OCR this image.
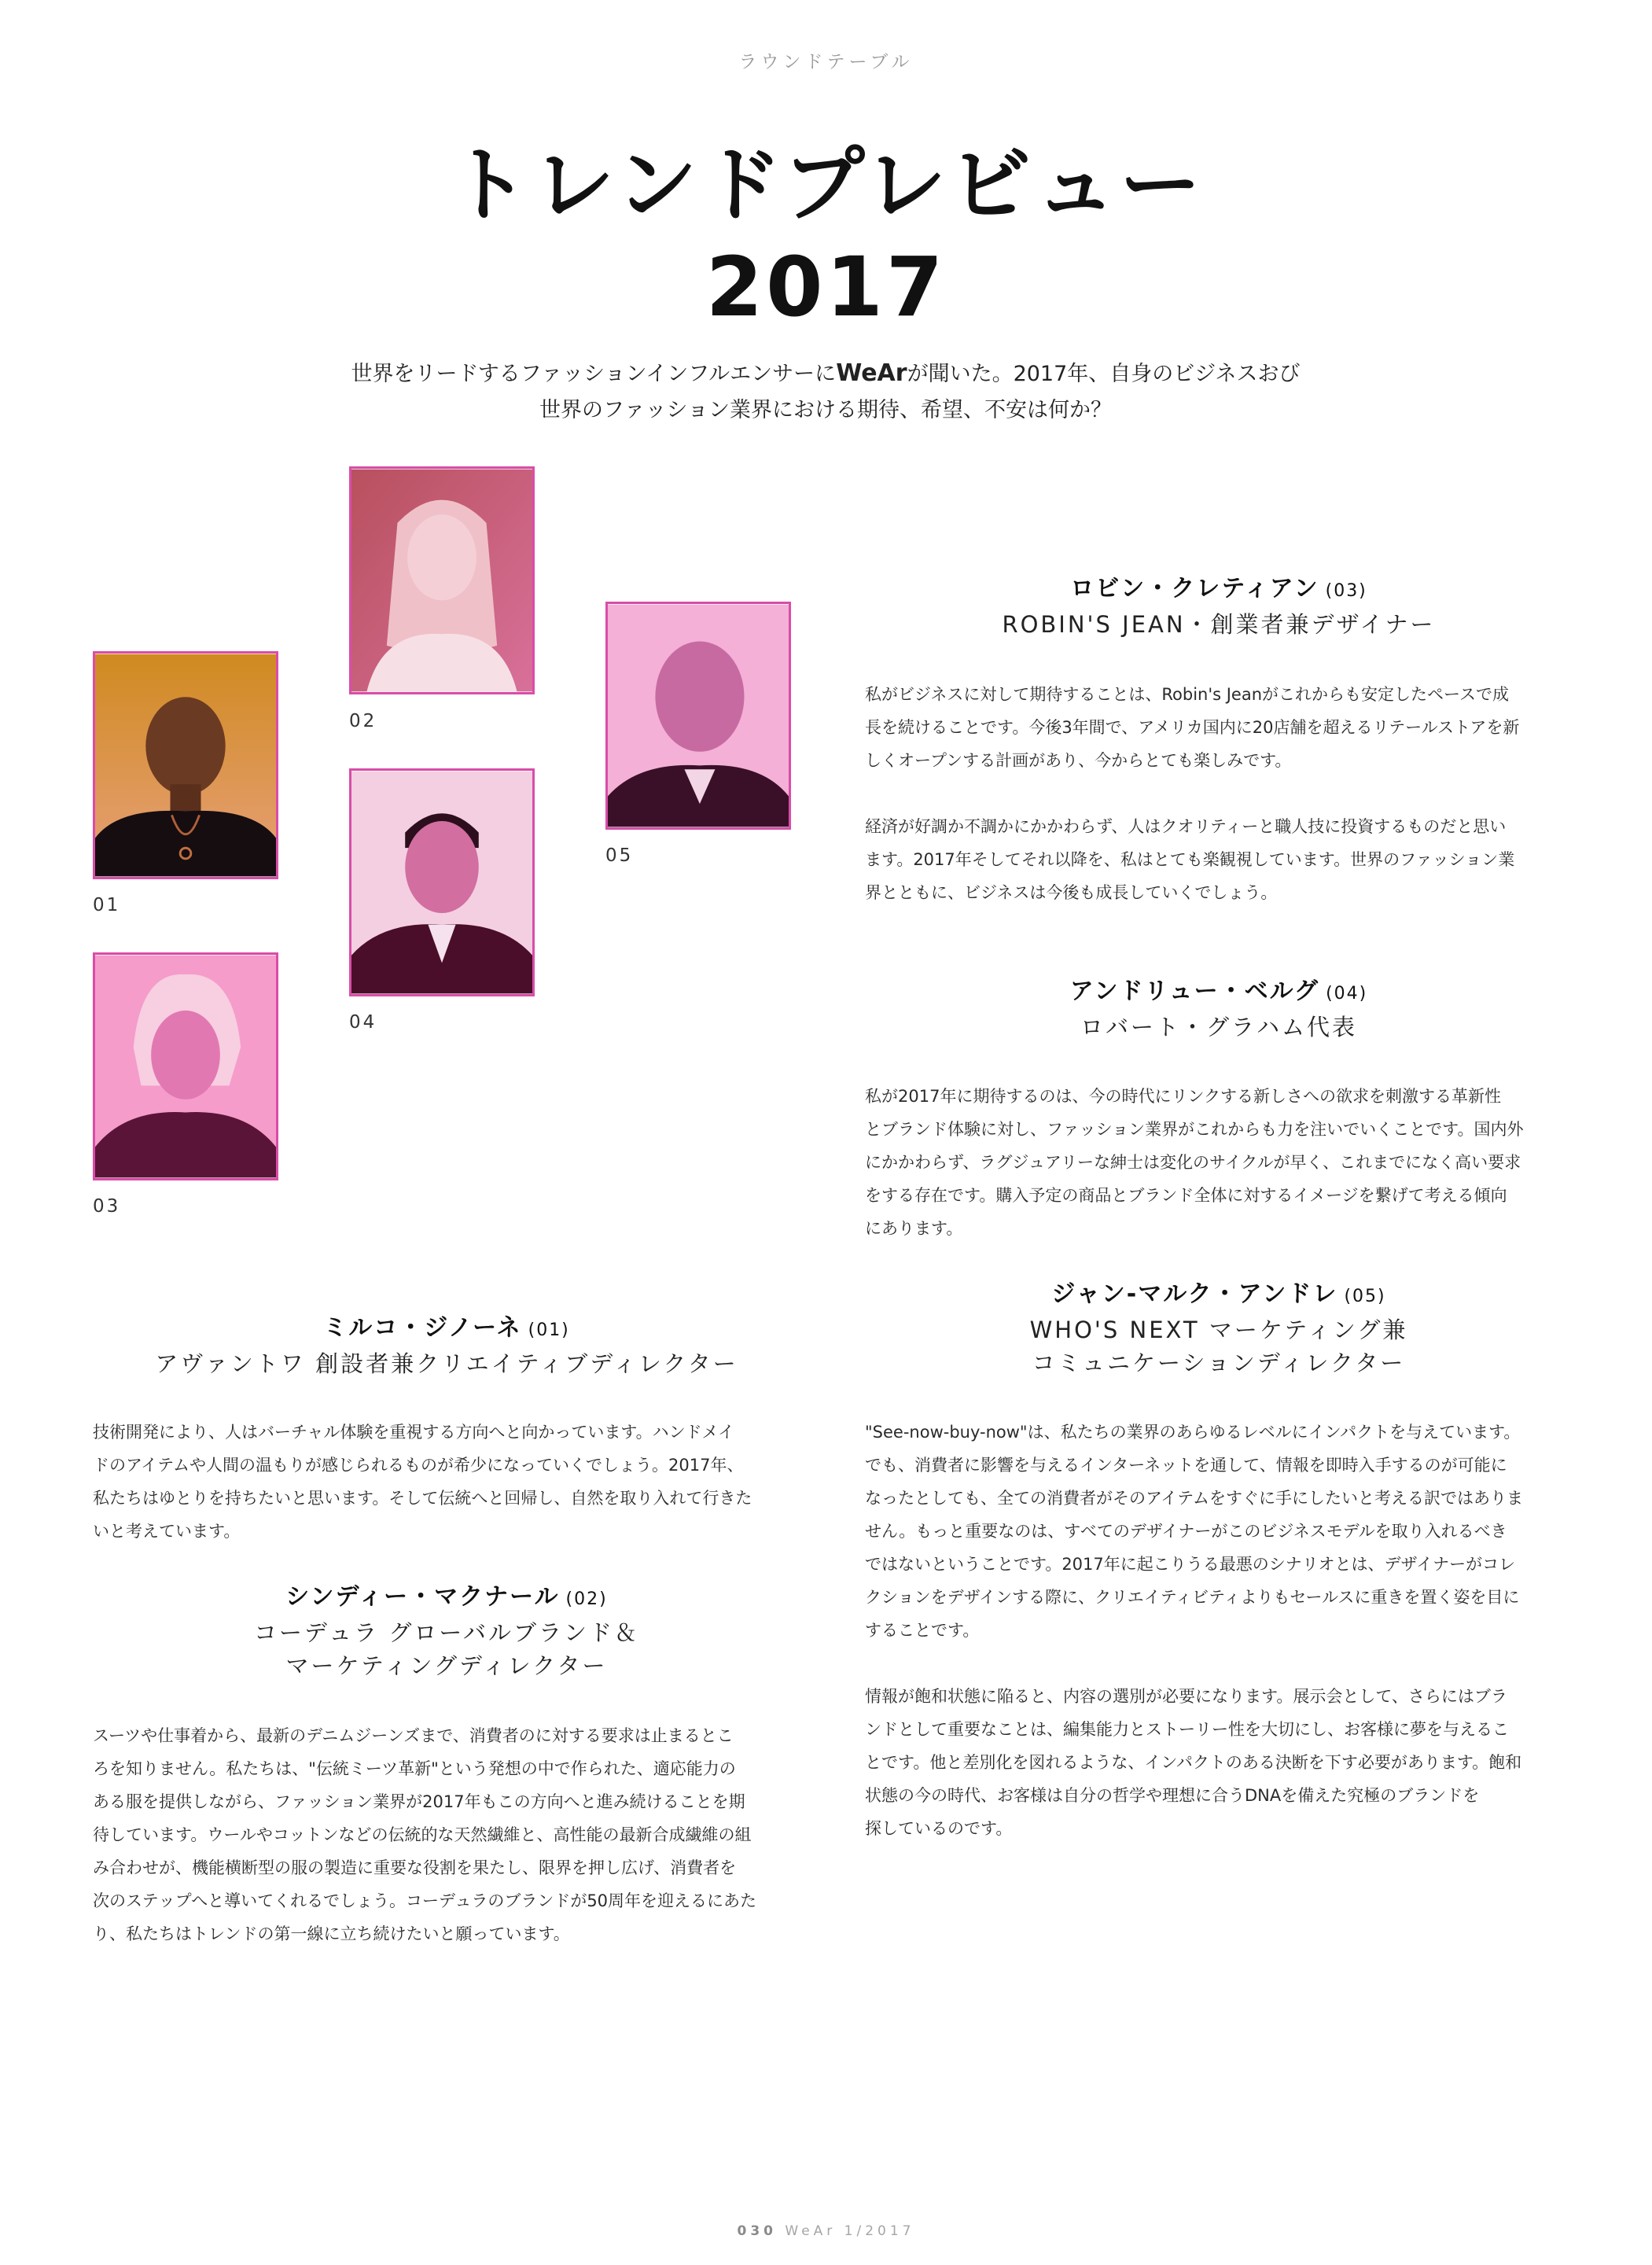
ラウンドテーブル
トレンドプレビュー
2017
世界をリードするファッションインフルエンサーにWeArが聞いた。2017年、自身のビジネスおび
世界のファッション業界における期待、希望、不安は何か？
01
02
05
04
03
ロビン・クレティアン (03)
ROBIN'S JEAN・創業者兼デザイナー

私がビジネスに対して期待することは、Robin's Jeanがこれからも安定したペースで成
長を続けることです。今後3年間で、アメリカ国内に20店舗を超えるリテールストアを新
しくオープンする計画があり、今からとても楽しみです。

経済が好調か不調かにかかわらず、人はクオリティーと職人技に投資するものだと思い
ます。2017年そしてそれ以降を、私はとても楽観視しています。世界のファッション業
界とともに、ビジネスは今後も成長していくでしょう。

アンドリュー・ベルグ (04)
ロバート・グラハム代表

私が2017年に期待するのは、今の時代にリンクする新しさへの欲求を刺激する革新性
とブランド体験に対し、ファッション業界がこれからも力を注いでいくことです。国内外
にかかわらず、ラグジュアリーな紳士は変化のサイクルが早く、これまでになく高い要求
をする存在です。購入予定の商品とブランド全体に対するイメージを繋げて考える傾向
にあります。

ジャン-マルク・アンドレ (05)
WHO'S NEXT マーケティング兼
コミュニケーションディレクター

"See-now-buy-now"は、私たちの業界のあらゆるレベルにインパクトを与えています。
でも、消費者に影響を与えるインターネットを通して、情報を即時入手するのが可能に
なったとしても、全ての消費者がそのアイテムをすぐに手にしたいと考える訳ではありま
せん。もっと重要なのは、すべてのデザイナーがこのビジネスモデルを取り入れるべき
ではないということです。2017年に起こりうる最悪のシナリオとは、デザイナーがコレ
クションをデザインする際に、クリエイティビティよりもセールスに重きを置く姿を目に
することです。

情報が飽和状態に陥ると、内容の選別が必要になります。展示会として、さらにはブラ
ンドとして重要なことは、編集能力とストーリー性を大切にし、お客様に夢を与えるこ
とです。他と差別化を図れるような、インパクトのある決断を下す必要があります。飽和
状態の今の時代、お客様は自分の哲学や理想に合うDNAを備えた究極のブランドを
探しているのです。

ミルコ・ジノーネ (01)
アヴァントワ 創設者兼クリエイティブディレクター

技術開発により、人はバーチャル体験を重視する方向へと向かっています。ハンドメイ
ドのアイテムや人間の温もりが感じられるものが希少になっていくでしょう。2017年、
私たちはゆとりを持ちたいと思います。そして伝統へと回帰し、自然を取り入れて行きた
いと考えています。

シンディー・マクナール (02)
コーデュラ グローバルブランド＆
マーケティングディレクター

スーツや仕事着から、最新のデニムジーンズまで、消費者のに対する要求は止まるとこ
ろを知りません。私たちは、"伝統ミーツ革新"という発想の中で作られた、適応能力の
ある服を提供しながら、ファッション業界が2017年もこの方向へと進み続けることを期
待しています。ウールやコットンなどの伝統的な天然繊維と、高性能の最新合成繊維の組
み合わせが、機能横断型の服の製造に重要な役割を果たし、限界を押し広げ、消費者を
次のステップへと導いてくれるでしょう。コーデュラのブランドが50周年を迎えるにあた
り、私たちはトレンドの第一線に立ち続けたいと願っています。

030 WeAr 1/2017
